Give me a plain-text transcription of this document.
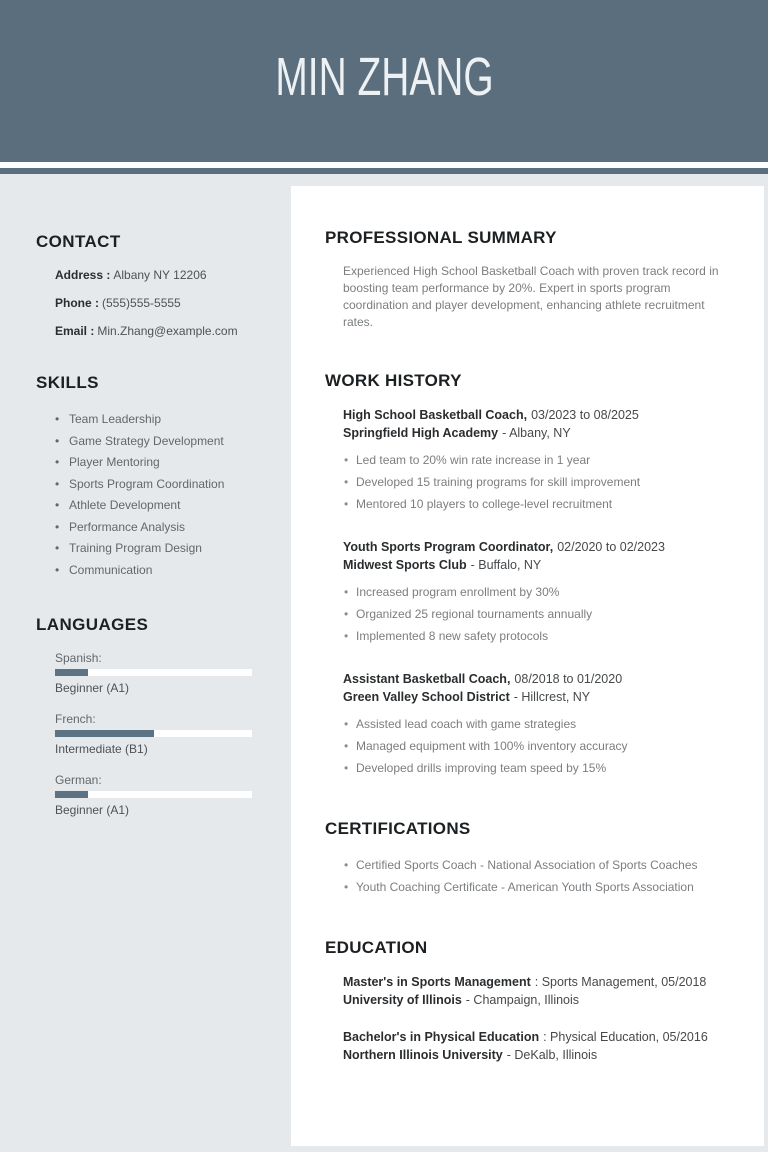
MIN ZHANG
PROFESSIONAL SUMMARY
Experienced High School Basketball Coach with proven track record in boosting team performance by 20%. Expert in sports program coordination and player development, enhancing athlete recruitment rates.
WORK HISTORY
High School Basketball Coach, 03/2023 to 08/2025
Springfield High Academy - Albany, NY
• Led team to 20% win rate increase in 1 year
• Developed 15 training programs for skill improvement
• Mentored 10 players to college-level recruitment
Youth Sports Program Coordinator, 02/2020 to 02/2023
Midwest Sports Club - Buffalo, NY
• Increased program enrollment by 30%
• Organized 25 regional tournaments annually
• Implemented 8 new safety protocols
Assistant Basketball Coach, 08/2018 to 01/2020
Green Valley School District - Hillcrest, NY
• Assisted lead coach with game strategies
• Managed equipment with 100% inventory accuracy
• Developed drills improving team speed by 15%
CERTIFICATIONS
• Certified Sports Coach - National Association of Sports Coaches
• Youth Coaching Certificate - American Youth Sports Association
EDUCATION
Master's in Sports Management : Sports Management, 05/2018
University of Illinois - Champaign, Illinois
Bachelor's in Physical Education : Physical Education, 05/2016
Northern Illinois University - DeKalb, Illinois
CONTACT
Address : Albany NY 12206
Phone : (555)555-5555
Email : Min.Zhang@example.com
SKILLS
• Team Leadership
• Game Strategy Development
• Player Mentoring
• Sports Program Coordination
• Athlete Development
• Performance Analysis
• Training Program Design
• Communication
LANGUAGES
Spanish:
Beginner (A1)
French:
Intermediate (B1)
German:
Beginner (A1)
